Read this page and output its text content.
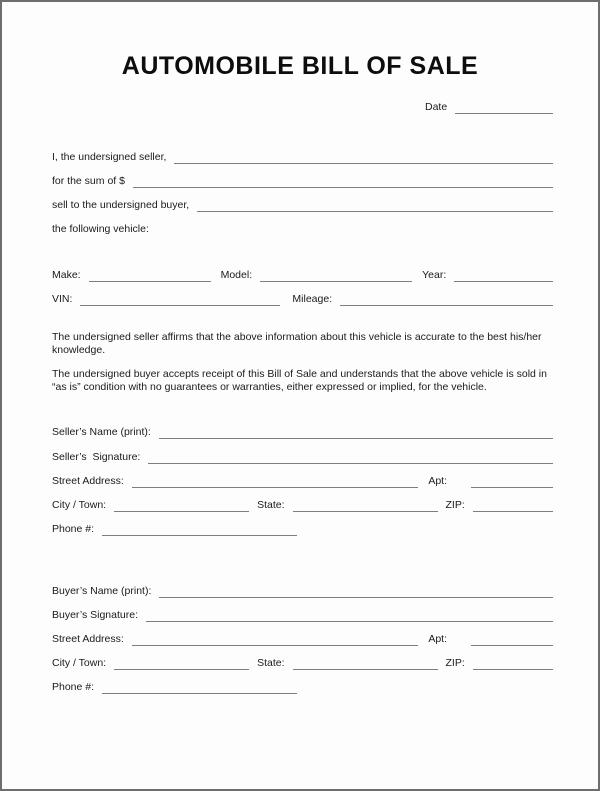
AUTOMOBILE BILL OF SALE
Date
I, the undersigned seller,
for the sum of $
sell to the undersigned buyer,
the following vehicle:
Make:	Model:	Year:
VIN:	Mileage:
The undersigned seller affirms that the above information about this vehicle is accurate to the best his/her knowledge.
The undersigned buyer accepts receipt of this Bill of Sale and understands that the above vehicle is sold in “as is” condition with no guarantees or warranties, either expressed or implied, for the vehicle.
Seller’s Name (print):
Seller’s  Signature:
Street Address:	Apt:
City / Town:	State:	ZIP:
Phone #:
Buyer’s Name (print):
Buyer’s Signature:
Street Address:	Apt:
City / Town:	State:	ZIP:
Phone #:
